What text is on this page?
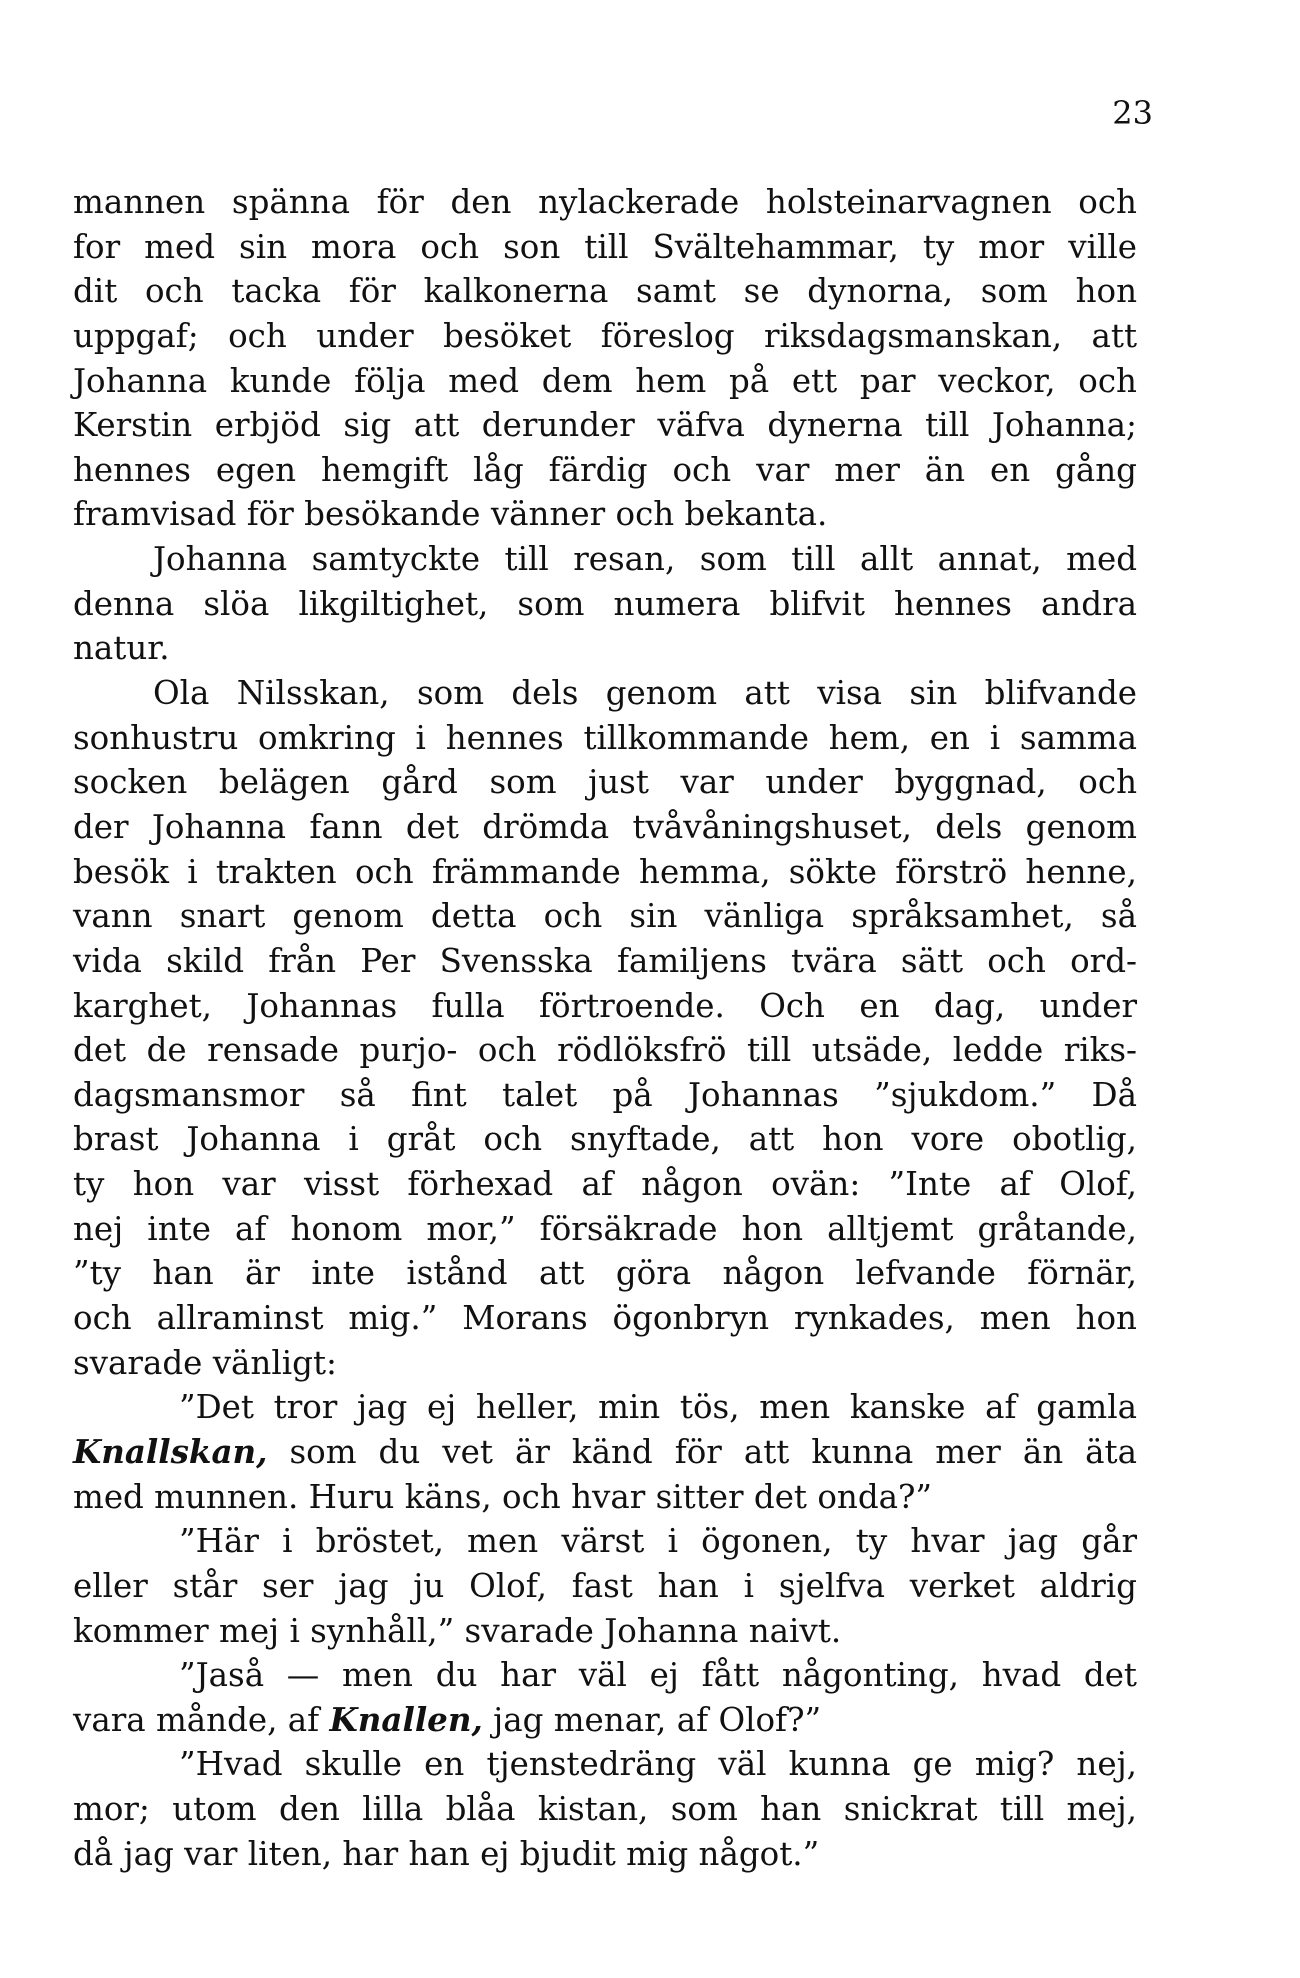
23
mannen spänna för den nylackerade holsteinarvagnen och
for med sin mora och son till Svältehammar, ty mor ville
dit och tacka för kalkonerna samt se dynorna, som hon
uppgaf; och under besöket föreslog riksdagsmanskan, att
Johanna kunde följa med dem hem på ett par veckor, och
Kerstin erbjöd sig att derunder väfva dynerna till Johanna;
hennes egen hemgift låg färdig och var mer än en gång
framvisad för besökande vänner och bekanta.
Johanna samtyckte till resan, som till allt annat, med
denna slöa likgiltighet, som numera blifvit hennes andra
natur.
Ola Nilsskan, som dels genom att visa sin blifvande
sonhustru omkring i hennes tillkommande hem, en i samma
socken belägen gård som just var under byggnad, och
der Johanna fann det drömda tvåvåningshuset, dels genom
besök i trakten och främmande hemma, sökte förströ henne,
vann snart genom detta och sin vänliga språksamhet, så
vida skild från Per Svensska familjens tvära sätt och ord-
karghet, Johannas fulla förtroende. Och en dag, under
det de rensade purjo- och rödlöksfrö till utsäde, ledde riks-
dagsmansmor så fint talet på Johannas ”sjukdom.” Då
brast Johanna i gråt och snyftade, att hon vore obotlig,
ty hon var visst förhexad af någon ovän: ”Inte af Olof,
nej inte af honom mor,” försäkrade hon alltjemt gråtande,
”ty han är inte istånd att göra någon lefvande förnär,
och allraminst mig.” Morans ögonbryn rynkades, men hon
svarade vänligt:
”Det tror jag ej heller, min tös, men kanske af gamla
Knallskan, som du vet är känd för att kunna mer än äta
med munnen. Huru käns, och hvar sitter det onda?”
”Här i bröstet, men värst i ögonen, ty hvar jag går
eller står ser jag ju Olof, fast han i sjelfva verket aldrig
kommer mej i synhåll,” svarade Johanna naivt.
”Jaså — men du har väl ej fått någonting, hvad det
vara månde, af Knallen, jag menar, af Olof?”
”Hvad skulle en tjenstedräng väl kunna ge mig? nej,
mor; utom den lilla blåa kistan, som han snickrat till mej,
då jag var liten, har han ej bjudit mig något.”
